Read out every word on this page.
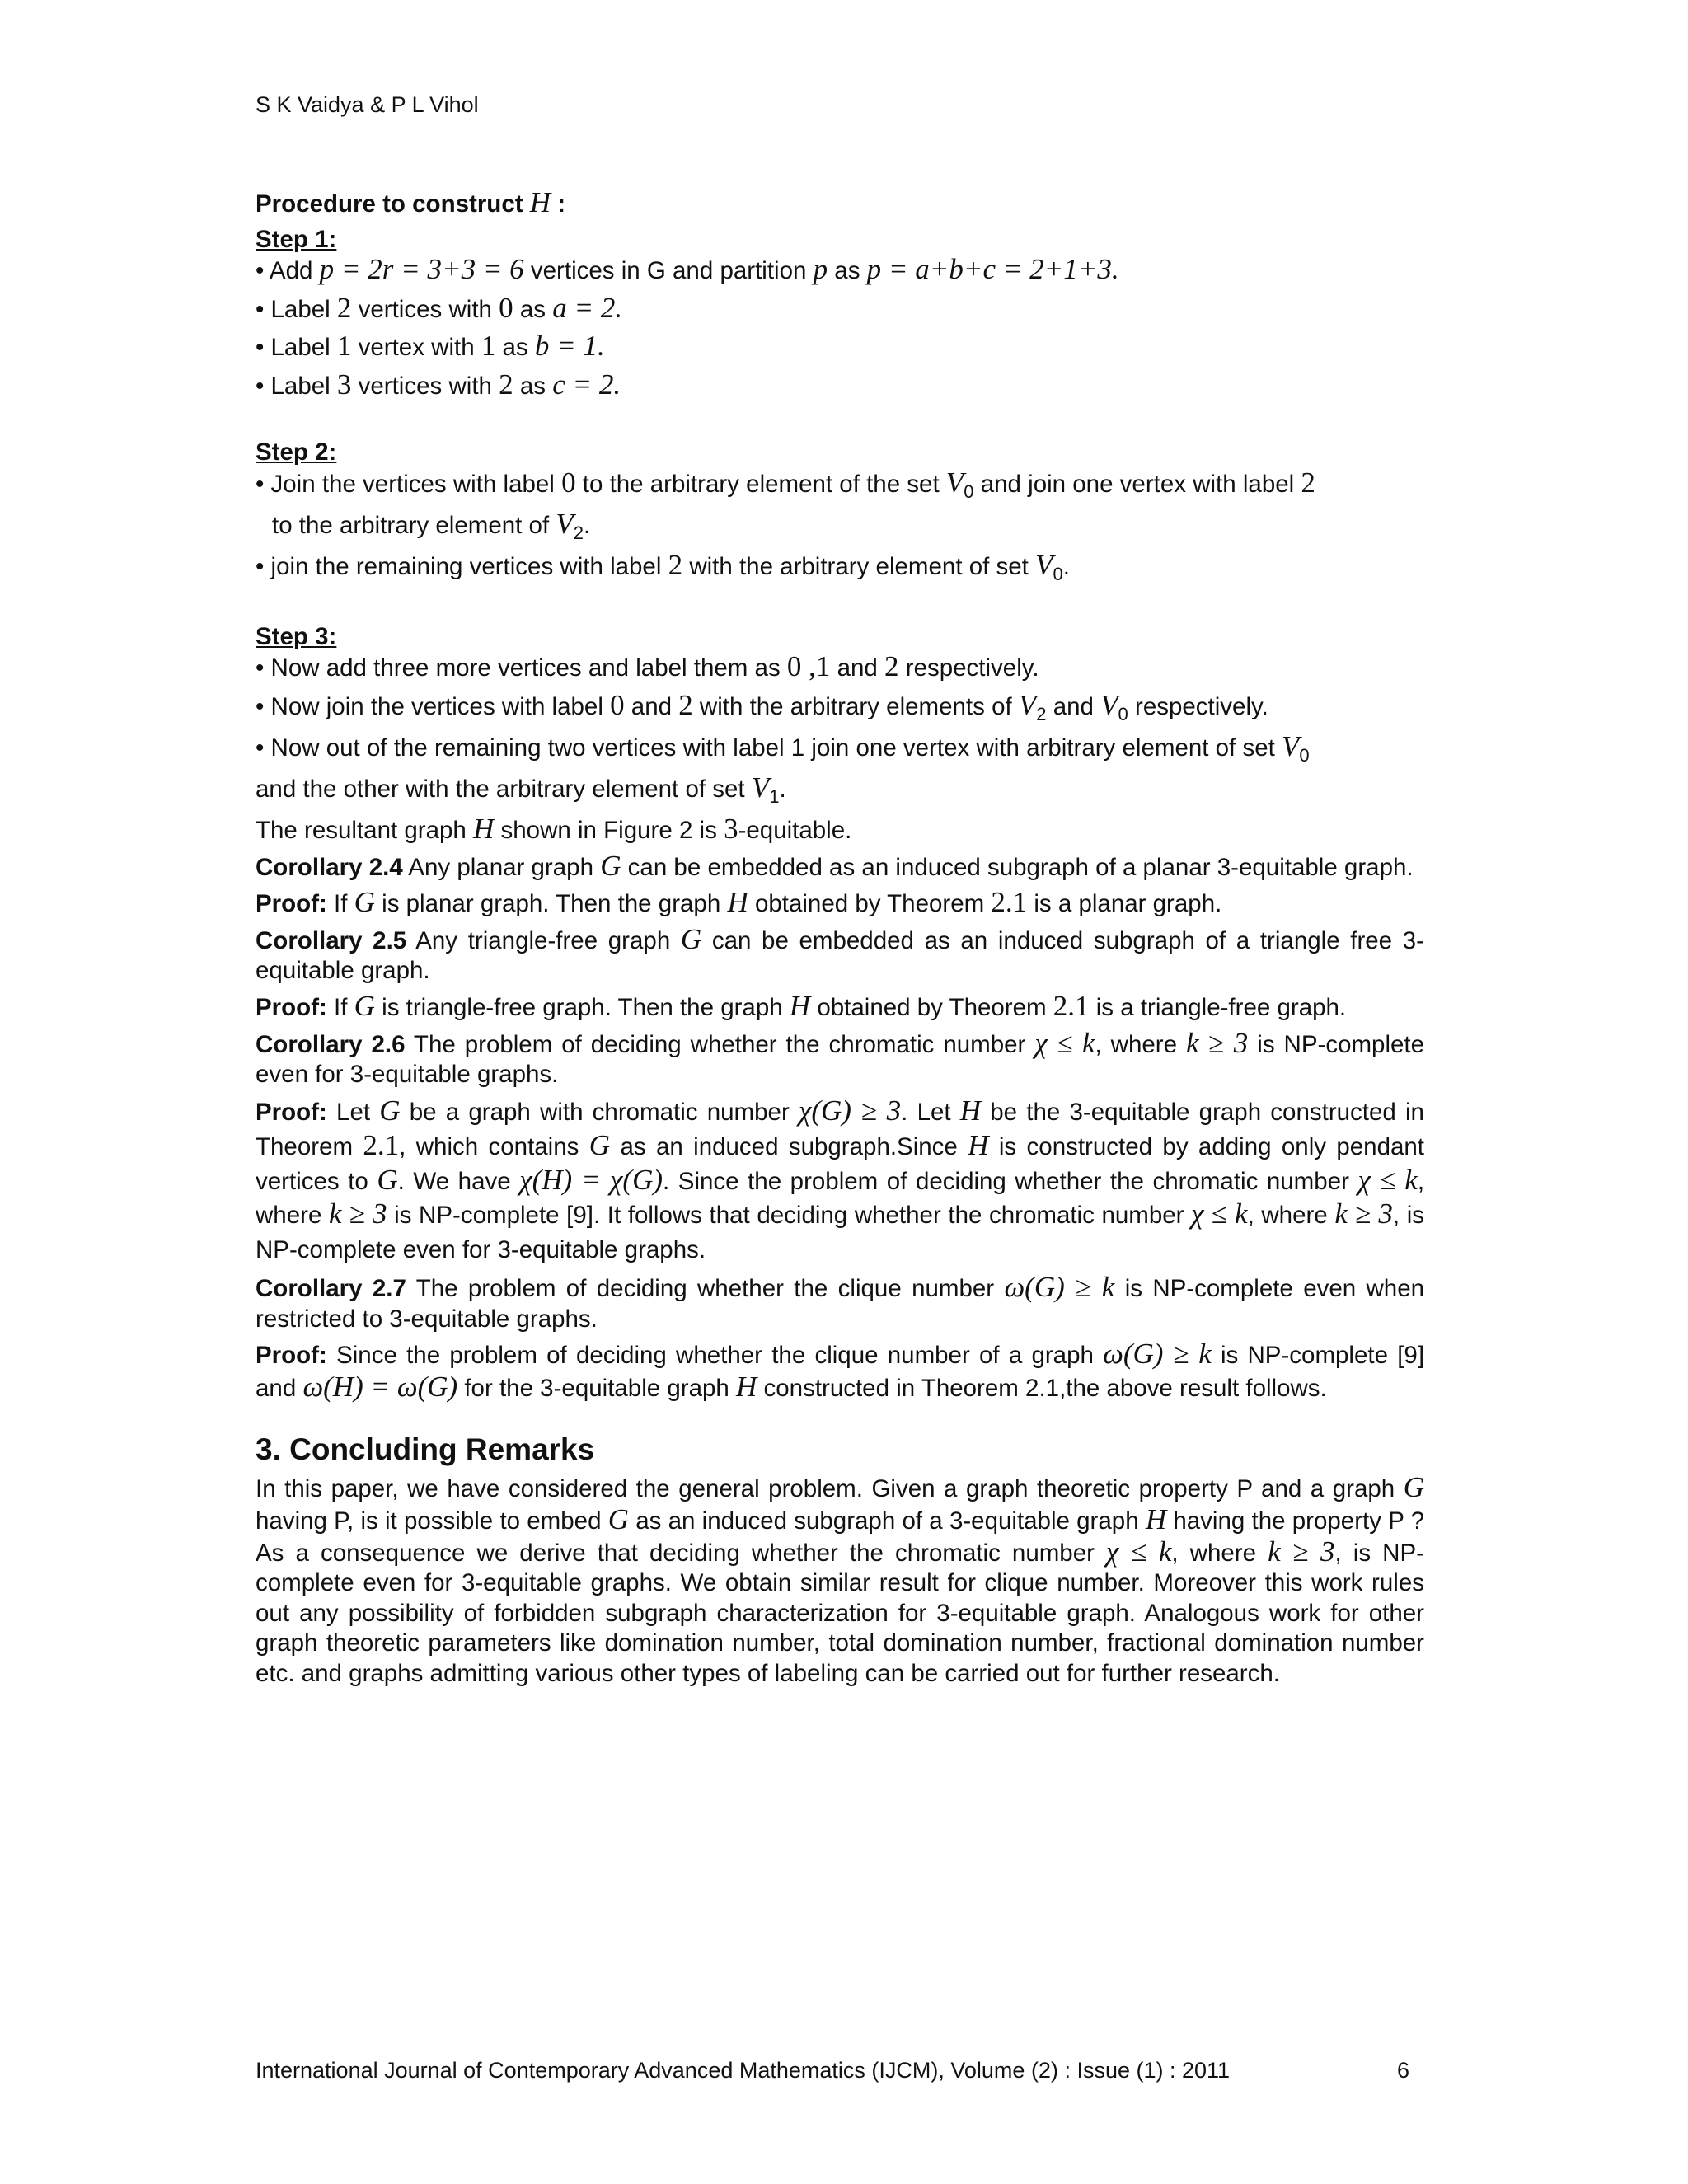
S K Vaidya & P L Vihol
Procedure to construct H :
Step 1:
• Add p = 2r = 3+3 = 6 vertices in G and partition p as p = a+b+c = 2+1+3.
• Label 2 vertices with 0 as a = 2.
• Label 1 vertex with 1 as b = 1.
• Label 3 vertices with 2 as c = 2.
Step 2:
• Join the vertices with label 0 to the arbitrary element of the set $V_0$ and join one vertex with label 2
to the arbitrary element of $V_2$.
• join the remaining vertices with label 2 with the arbitrary element of set $V_0$.
Step 3:
• Now add three more vertices and label them as 0 ,1 and 2 respectively.
• Now join the vertices with label 0 and 2 with the arbitrary elements of $V_2$ and $V_0$ respectively.
• Now out of the remaining two vertices with label 1 join one vertex with arbitrary element of set $V_0$
and the other with the arbitrary element of set $V_1$.
The resultant graph H shown in Figure 2 is 3-equitable.
Corollary 2.4 Any planar graph G can be embedded as an induced subgraph of a planar 3-equitable graph.
Proof: If G is planar graph. Then the graph H obtained by Theorem 2.1 is a planar graph.
Corollary 2.5 Any triangle-free graph G can be embedded as an induced subgraph of a triangle free 3-equitable graph.
Proof: If G is triangle-free graph. Then the graph H obtained by Theorem 2.1 is a triangle-free graph.
Corollary 2.6 The problem of deciding whether the chromatic number χ ≤ k, where k ≥ 3 is NP-complete even for 3-equitable graphs.
Proof: Let G be a graph with chromatic number χ(G) ≥ 3. Let H be the 3-equitable graph constructed in Theorem 2.1, which contains G as an induced subgraph.Since H is constructed by adding only pendant vertices to G. We have χ(H) = χ(G). Since the problem of deciding whether the chromatic number χ ≤ k, where k ≥ 3 is NP-complete [9]. It follows that deciding whether the chromatic number χ ≤ k, where k ≥ 3, is NP-complete even for 3-equitable graphs.
Corollary 2.7 The problem of deciding whether the clique number ω(G) ≥ k is NP-complete even when restricted to 3-equitable graphs.
Proof: Since the problem of deciding whether the clique number of a graph ω(G) ≥ k is NP-complete [9] and ω(H) = ω(G) for the 3-equitable graph H constructed in Theorem 2.1,the above result follows.
3. Concluding Remarks
In this paper, we have considered the general problem. Given a graph theoretic property P and a graph G having P, is it possible to embed G as an induced subgraph of a 3-equitable graph H having the property P ? As a consequence we derive that deciding whether the chromatic number χ ≤ k, where k ≥ 3, is NP-complete even for 3-equitable graphs. We obtain similar result for clique number. Moreover this work rules out any possibility of forbidden subgraph characterization for 3-equitable graph. Analogous work for other graph theoretic parameters like domination number, total domination number, fractional domination number etc. and graphs admitting various other types of labeling can be carried out for further research.
International Journal of Contemporary Advanced Mathematics (IJCM), Volume (2) : Issue (1) : 2011	6
